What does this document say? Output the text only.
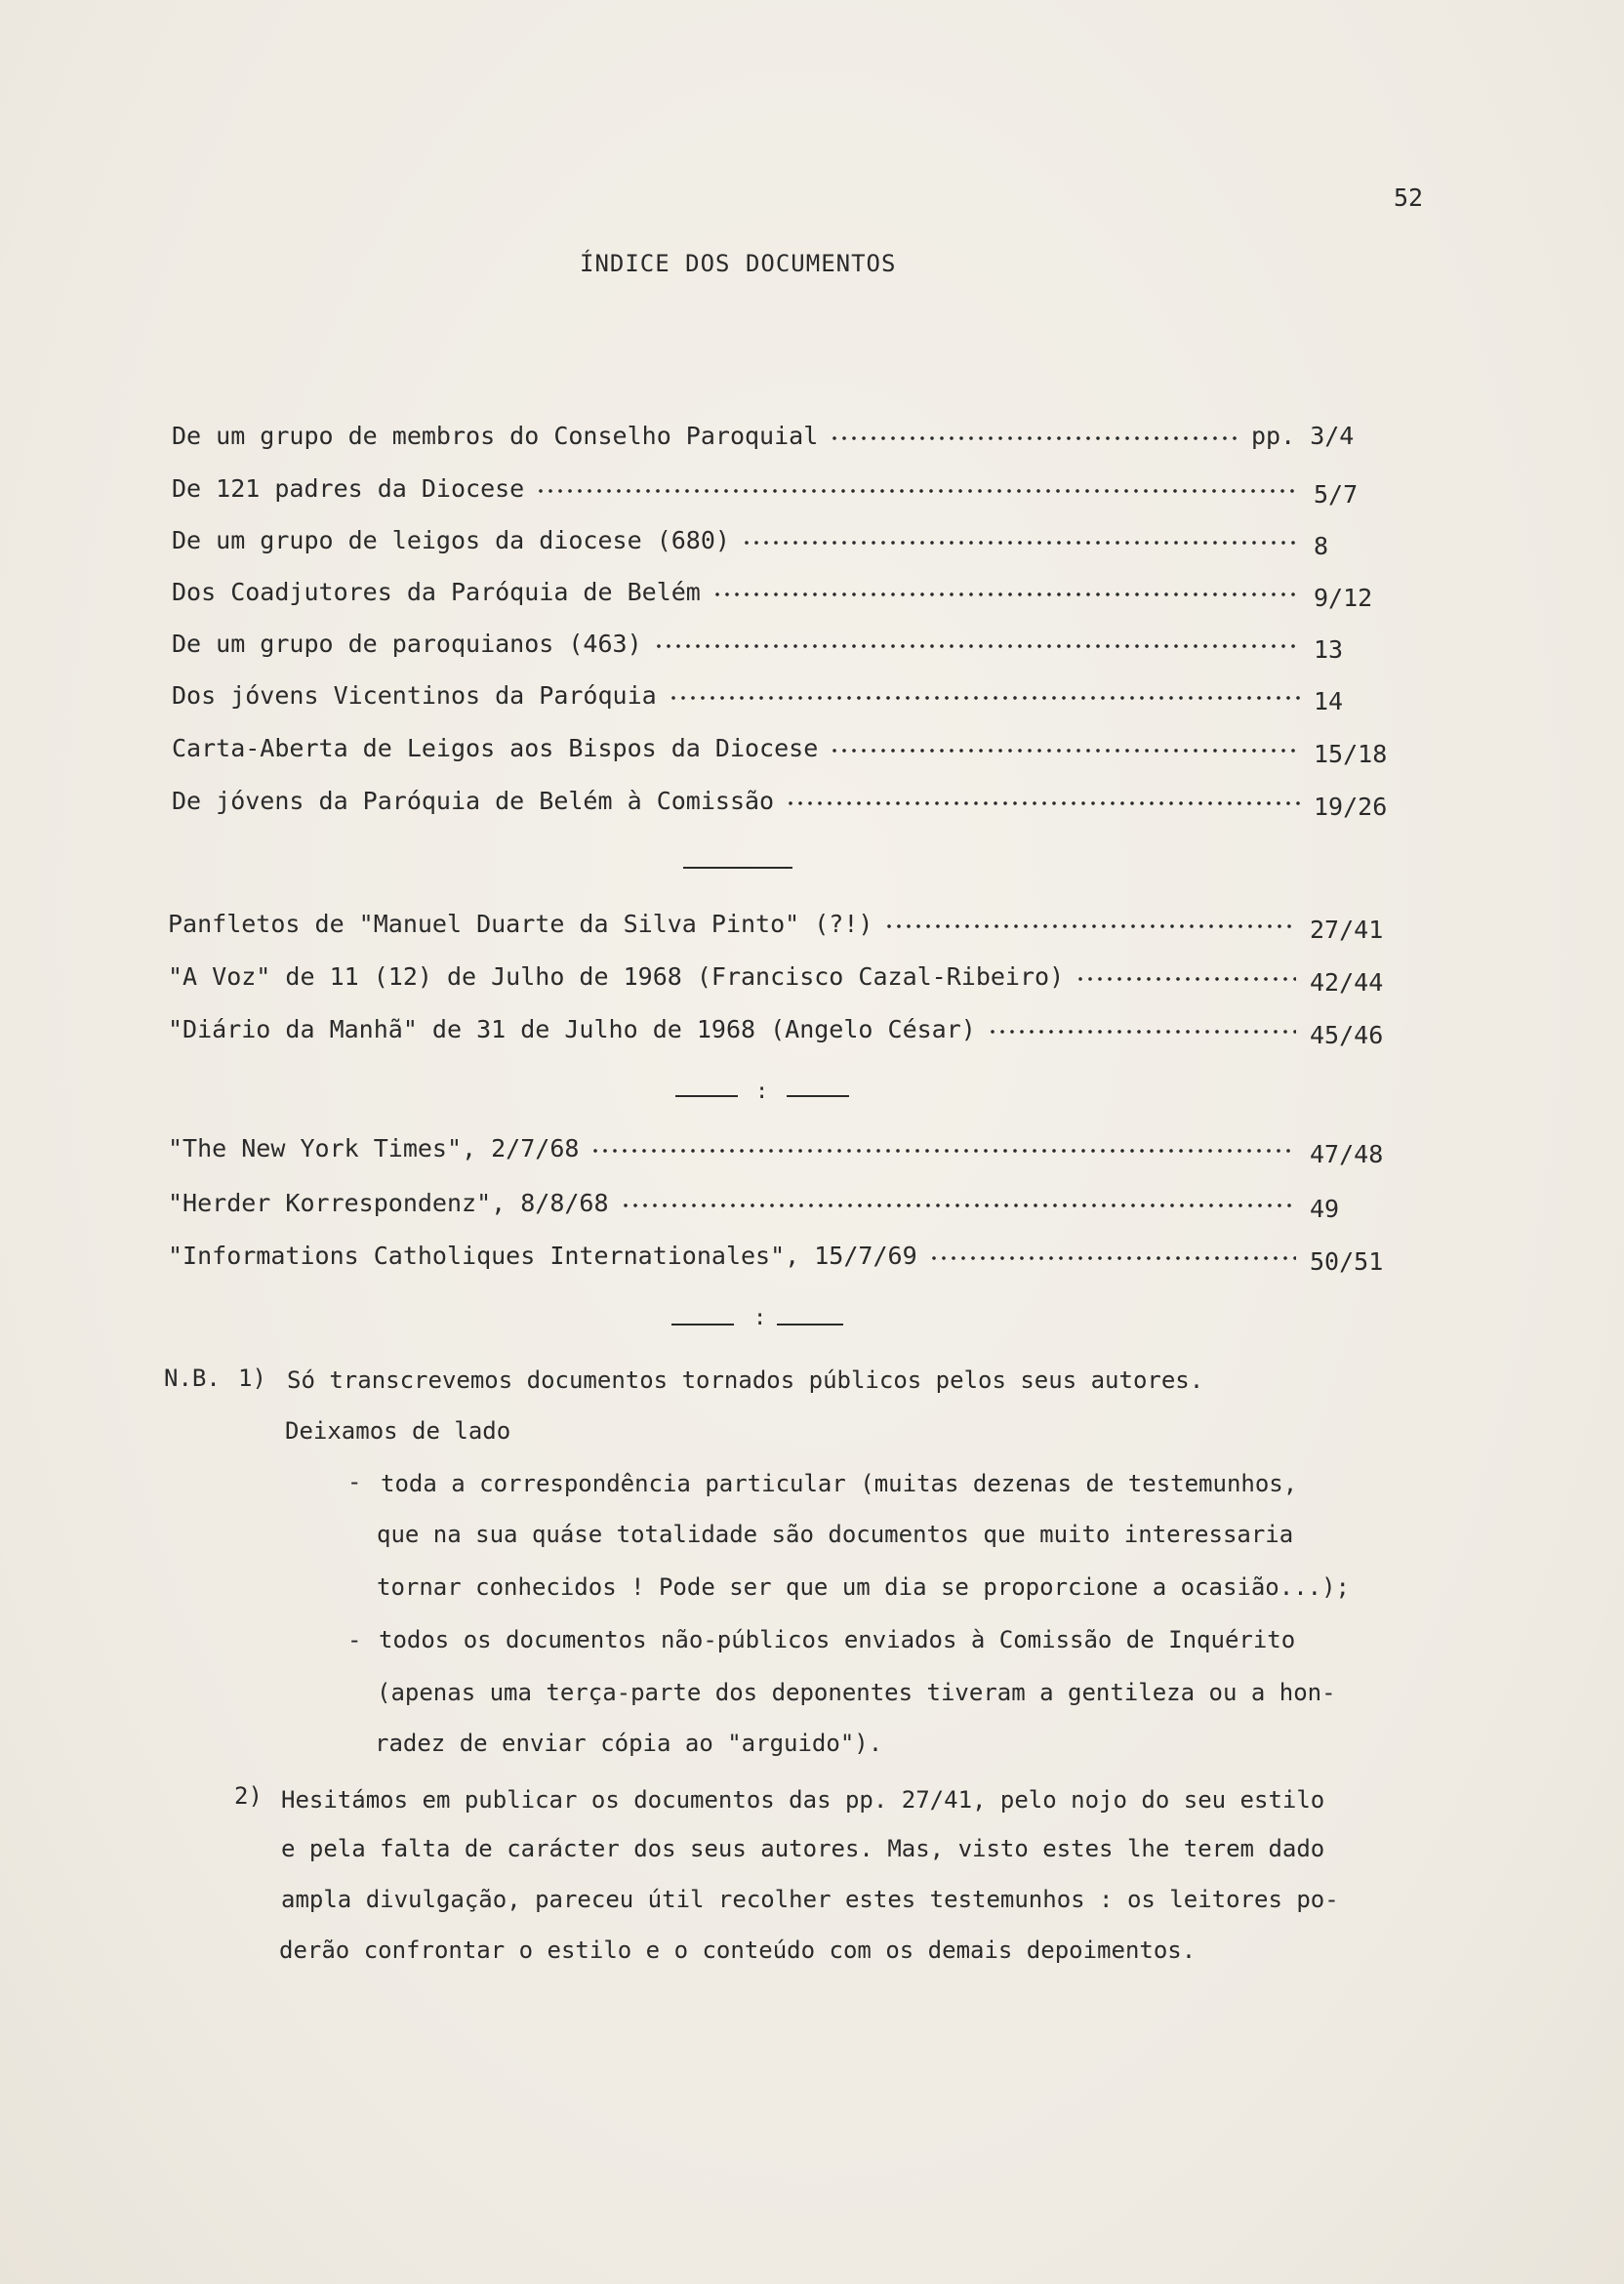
52
ÍNDICE DOS DOCUMENTOS
De um grupo de membros do Conselho Paroquial	pp. 3/4
De 121 padres da Diocese	5/7
De um grupo de leigos da diocese (680)	8
Dos Coadjutores da Paróquia de Belém	9/12
De um grupo de paroquianos (463)	13
Dos jóvens Vicentinos da Paróquia	14
Carta-Aberta de Leigos aos Bispos da Diocese	15/18
De jóvens da Paróquia de Belém à Comissão	19/26
Panfletos de "Manuel Duarte da Silva Pinto" (?!)	27/41
"A Voz" de 11 (12) de Julho de 1968 (Francisco Cazal-Ribeiro)	42/44
"Diário da Manhã" de 31 de Julho de 1968 (Angelo César)	45/46
:
"The New York Times", 2/7/68	47/48
"Herder Korrespondenz", 8/8/68	49
"Informations Catholiques Internationales", 15/7/69	50/51
:
N.B. 1) Só transcrevemos documentos tornados públicos pelos seus autores.
Deixamos de lado
- toda a correspondência particular (muitas dezenas de testemunhos,
que na sua quáse totalidade são documentos que muito interessaria
tornar conhecidos ! Pode ser que um dia se proporcione a ocasião...);
- todos os documentos não-públicos enviados à Comissão de Inquérito
(apenas uma terça-parte dos deponentes tiveram a gentileza ou a hon-
radez de enviar cópia ao "arguido").
2) Hesitámos em publicar os documentos das pp. 27/41, pelo nojo do seu estilo
e pela falta de carácter dos seus autores. Mas, visto estes lhe terem dado
ampla divulgação, pareceu útil recolher estes testemunhos : os leitores po-
derão confrontar o estilo e o conteúdo com os demais depoimentos.
